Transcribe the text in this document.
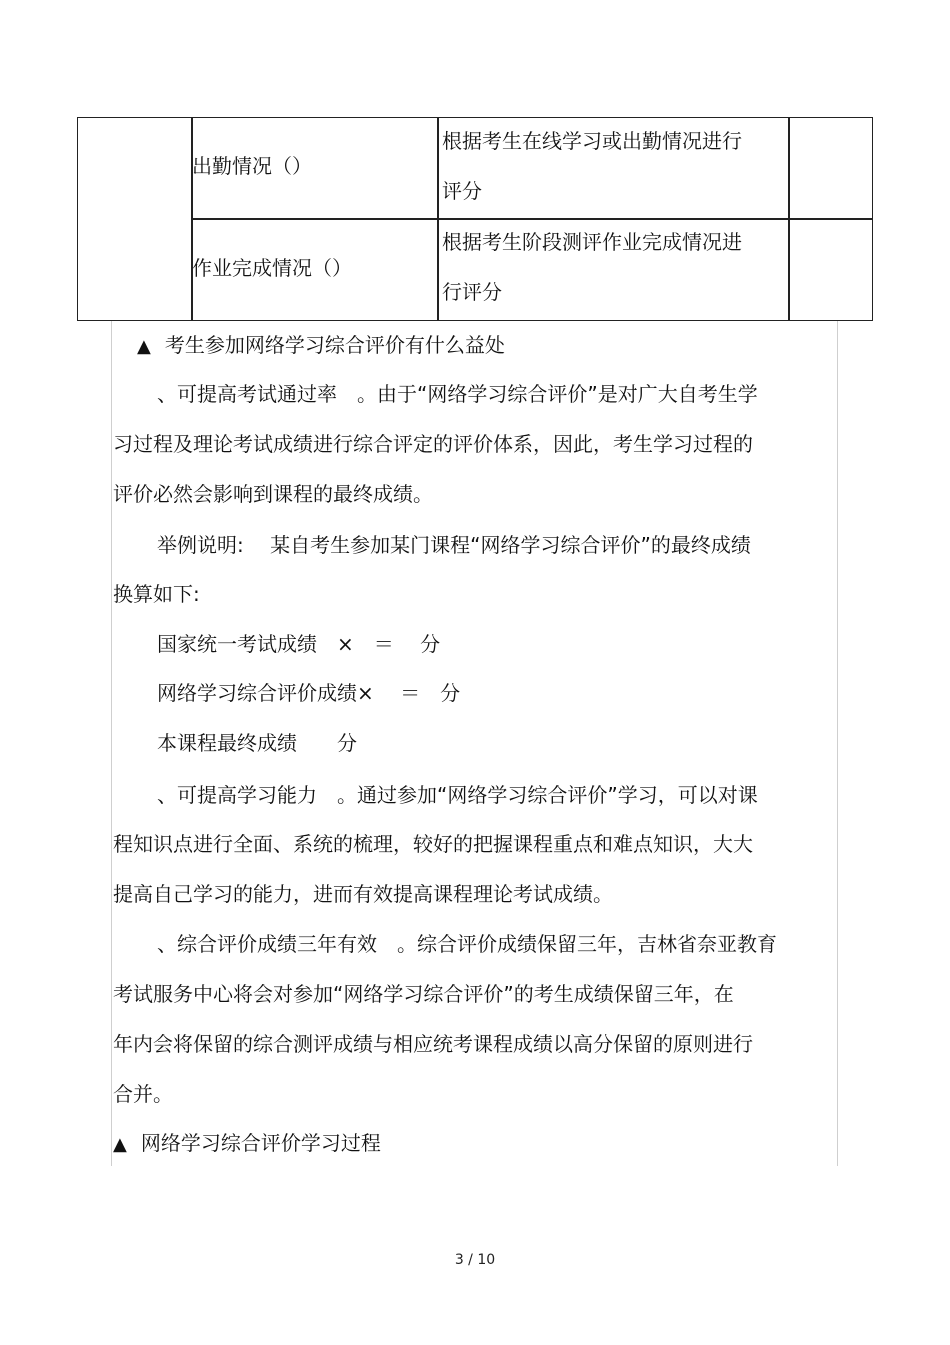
出勤情况（）
根据考生在线学习或出勤情况进行
评分
作业完成情况（）
根据考生阶段测评作业完成情况进
行评分
▲ 考生参加网络学习综合评价有什么益处
、可提高考试通过率　。由于“网络学习综合评价”是对广大自考生学
习过程及理论考试成绩进行综合评定的评价体系，因此，考生学习过程的
评价必然会影响到课程的最终成绩。
举例说明:　 某自考生参加某门课程“网络学习综合评价”的最终成绩
换算如下:
国家统一考试成绩　×　＝　 分
网络学习综合评价成绩×　 ＝　分
本课程最终成绩　　分
、可提高学习能力　。通过参加“网络学习综合评价”学习，可以对课
程知识点进行全面、系统的梳理，较好的把握课程重点和难点知识，大大
提高自己学习的能力，进而有效提高课程理论考试成绩。
、综合评价成绩三年有效　。综合评价成绩保留三年，吉林省奈亚教育
考试服务中心将会对参加“网络学习综合评价”的考生成绩保留三年，在
年内会将保留的综合测评成绩与相应统考课程成绩以高分保留的原则进行
合并。
▲ 网络学习综合评价学习过程
3 / 10
